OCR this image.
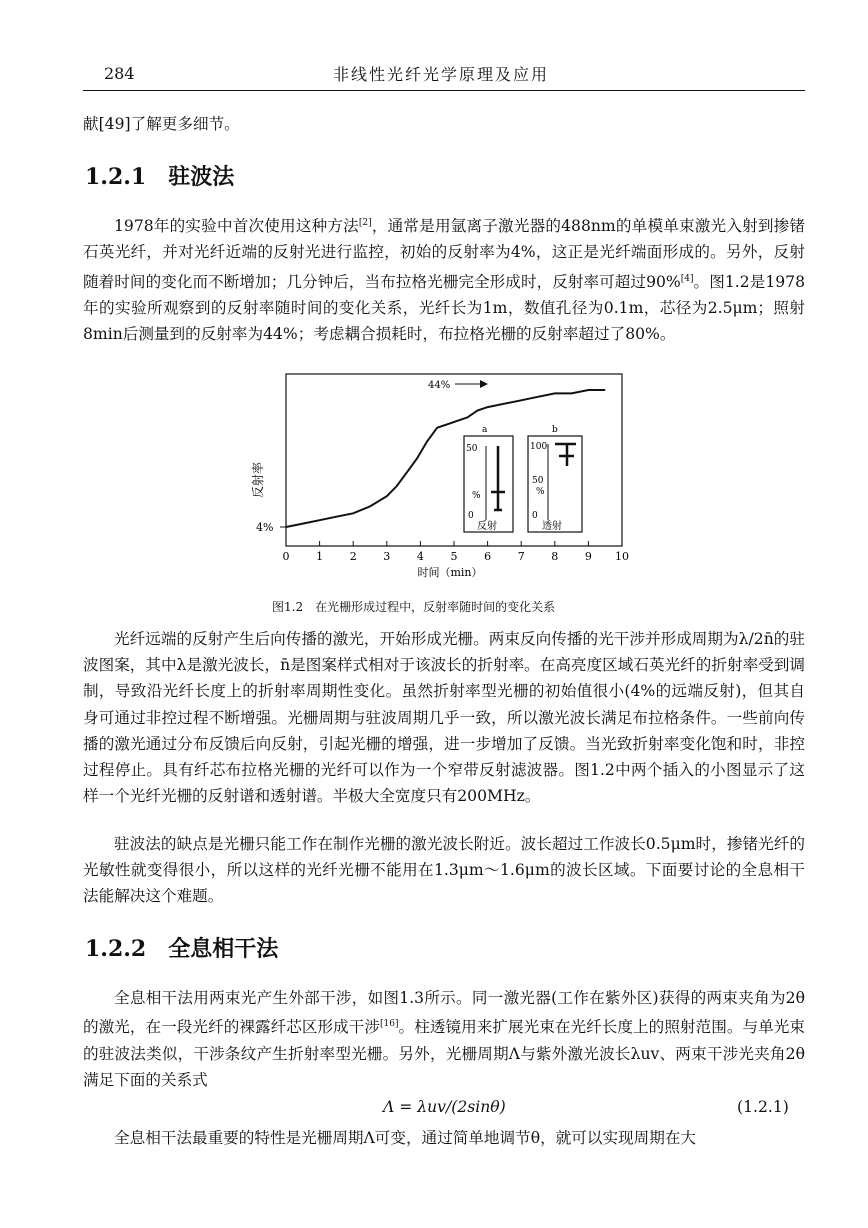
284	非线性光纤光学原理及应用
献[49]了解更多细节。
1.2.1 驻波法
1978年的实验中首次使用这种方法[2]，通常是用氩离子激光器的488nm的单模单束激光入射到掺锗石英光纤，并对光纤近端的反射光进行监控，初始的反射率为4%，这正是光纤端面形成的。另外，反射随着时间的变化而不断增加；几分钟后，当布拉格光栅完全形成时，反射率可超过90%[4]。图1.2是1978年的实验所观察到的反射率随时间的变化关系，光纤长为1m，数值孔径为0.1m，芯径为2.5μm；照射8min后测量到的反射率为44%；考虑耦合损耗时，布拉格光栅的反射率超过了80%。
0 1 2 3 4 5 6 7 8 9 10
反射率
4%
时间（min）
44%
a
50
%
0
反射
b
100
50
%
0
透射
图1.2　在光栅形成过程中，反射率随时间的变化关系
光纤远端的反射产生后向传播的激光，开始形成光栅。两束反向传播的光干涉并形成周期为λ/2n̄的驻波图案，其中λ是激光波长，n̄是图案样式相对于该波长的折射率。在高亮度区域石英光纤的折射率受到调制，导致沿光纤长度上的折射率周期性变化。虽然折射率型光栅的初始值很小(4%的远端反射)，但其自身可通过非控过程不断增强。光栅周期与驻波周期几乎一致，所以激光波长满足布拉格条件。一些前向传播的激光通过分布反馈后向反射，引起光栅的增强，进一步增加了反馈。当光致折射率变化饱和时，非控过程停止。具有纤芯布拉格光栅的光纤可以作为一个窄带反射滤波器。图1.2中两个插入的小图显示了这样一个光纤光栅的反射谱和透射谱。半极大全宽度只有200MHz。
驻波法的缺点是光栅只能工作在制作光栅的激光波长附近。波长超过工作波长0.5μm时，掺锗光纤的光敏性就变得很小，所以这样的光纤光栅不能用在1.3μm～1.6μm的波长区域。下面要讨论的全息相干法能解决这个难题。
1.2.2 全息相干法
全息相干法用两束光产生外部干涉，如图1.3所示。同一激光器(工作在紫外区)获得的两束夹角为2θ的激光，在一段光纤的裸露纤芯区形成干涉[16]。柱透镜用来扩展光束在光纤长度上的照射范围。与单光束的驻波法类似，干涉条纹产生折射率型光栅。另外，光栅周期Λ与紫外激光波长λuv、两束干涉光夹角2θ满足下面的关系式
Λ = λuv/(2sinθ)	(1.2.1)
全息相干法最重要的特性是光栅周期Λ可变，通过简单地调节θ，就可以实现周期在大
